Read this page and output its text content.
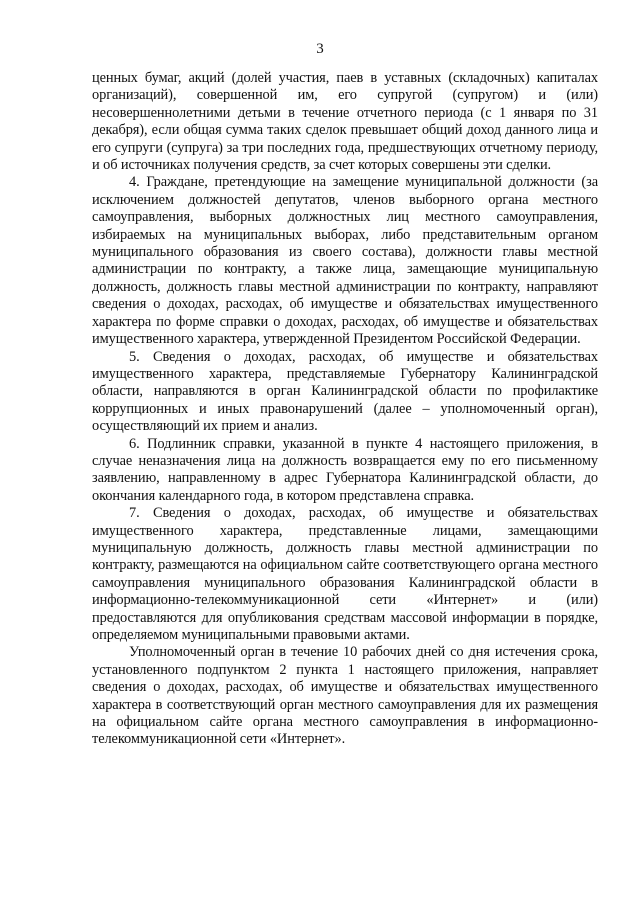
3

ценных бумаг, акций (долей участия, паев в уставных (складочных) капиталах организаций), совершенной им, его супругой (супругом) и (или) несовершеннолетними детьми в течение отчетного периода (с 1 января по 31 декабря), если общая сумма таких сделок превышает общий доход данного лица и его супруги (супруга) за три последних года, предшествующих отчетному периоду, и об источниках получения средств, за счет которых совершены эти сделки.

4. Граждане, претендующие на замещение муниципальной должности (за исключением должностей депутатов, членов выборного органа местного самоуправления, выборных должностных лиц местного самоуправления, избираемых на муниципальных выборах, либо представительным органом муниципального образования из своего состава), должности главы местной администрации по контракту, а также лица, замещающие муниципальную должность, должность главы местной администрации по контракту, направляют сведения о доходах, расходах, об имуществе и обязательствах имущественного характера по форме справки о доходах, расходах, об имуществе и обязательствах имущественного характера, утвержденной Президентом Российской Федерации.

5. Сведения о доходах, расходах, об имуществе и обязательствах имущественного характера, представляемые Губернатору Калининградской области, направляются в орган Калининградской области по профилактике коррупционных и иных правонарушений (далее – уполномоченный орган), осуществляющий их прием и анализ.

6. Подлинник справки, указанной в пункте 4 настоящего приложения, в случае неназначения лица на должность возвращается ему по его письменному заявлению, направленному в адрес Губернатора Калининградской области, до окончания календарного года, в котором представлена справка.

7. Сведения о доходах, расходах, об имуществе и обязательствах имущественного характера, представленные лицами, замещающими муниципальную должность, должность главы местной администрации по контракту, размещаются на официальном сайте соответствующего органа местного самоуправления муниципального образования Калининградской области в информационно-телекоммуникационной сети «Интернет» и (или) предоставляются для опубликования средствам массовой информации в порядке, определяемом муниципальными правовыми актами.

Уполномоченный орган в течение 10 рабочих дней со дня истечения срока, установленного подпунктом 2 пункта 1 настоящего приложения, направляет сведения о доходах, расходах, об имуществе и обязательствах имущественного характера в соответствующий орган местного самоуправления для их размещения на официальном сайте органа местного самоуправления в информационно-телекоммуникационной сети «Интернет».
